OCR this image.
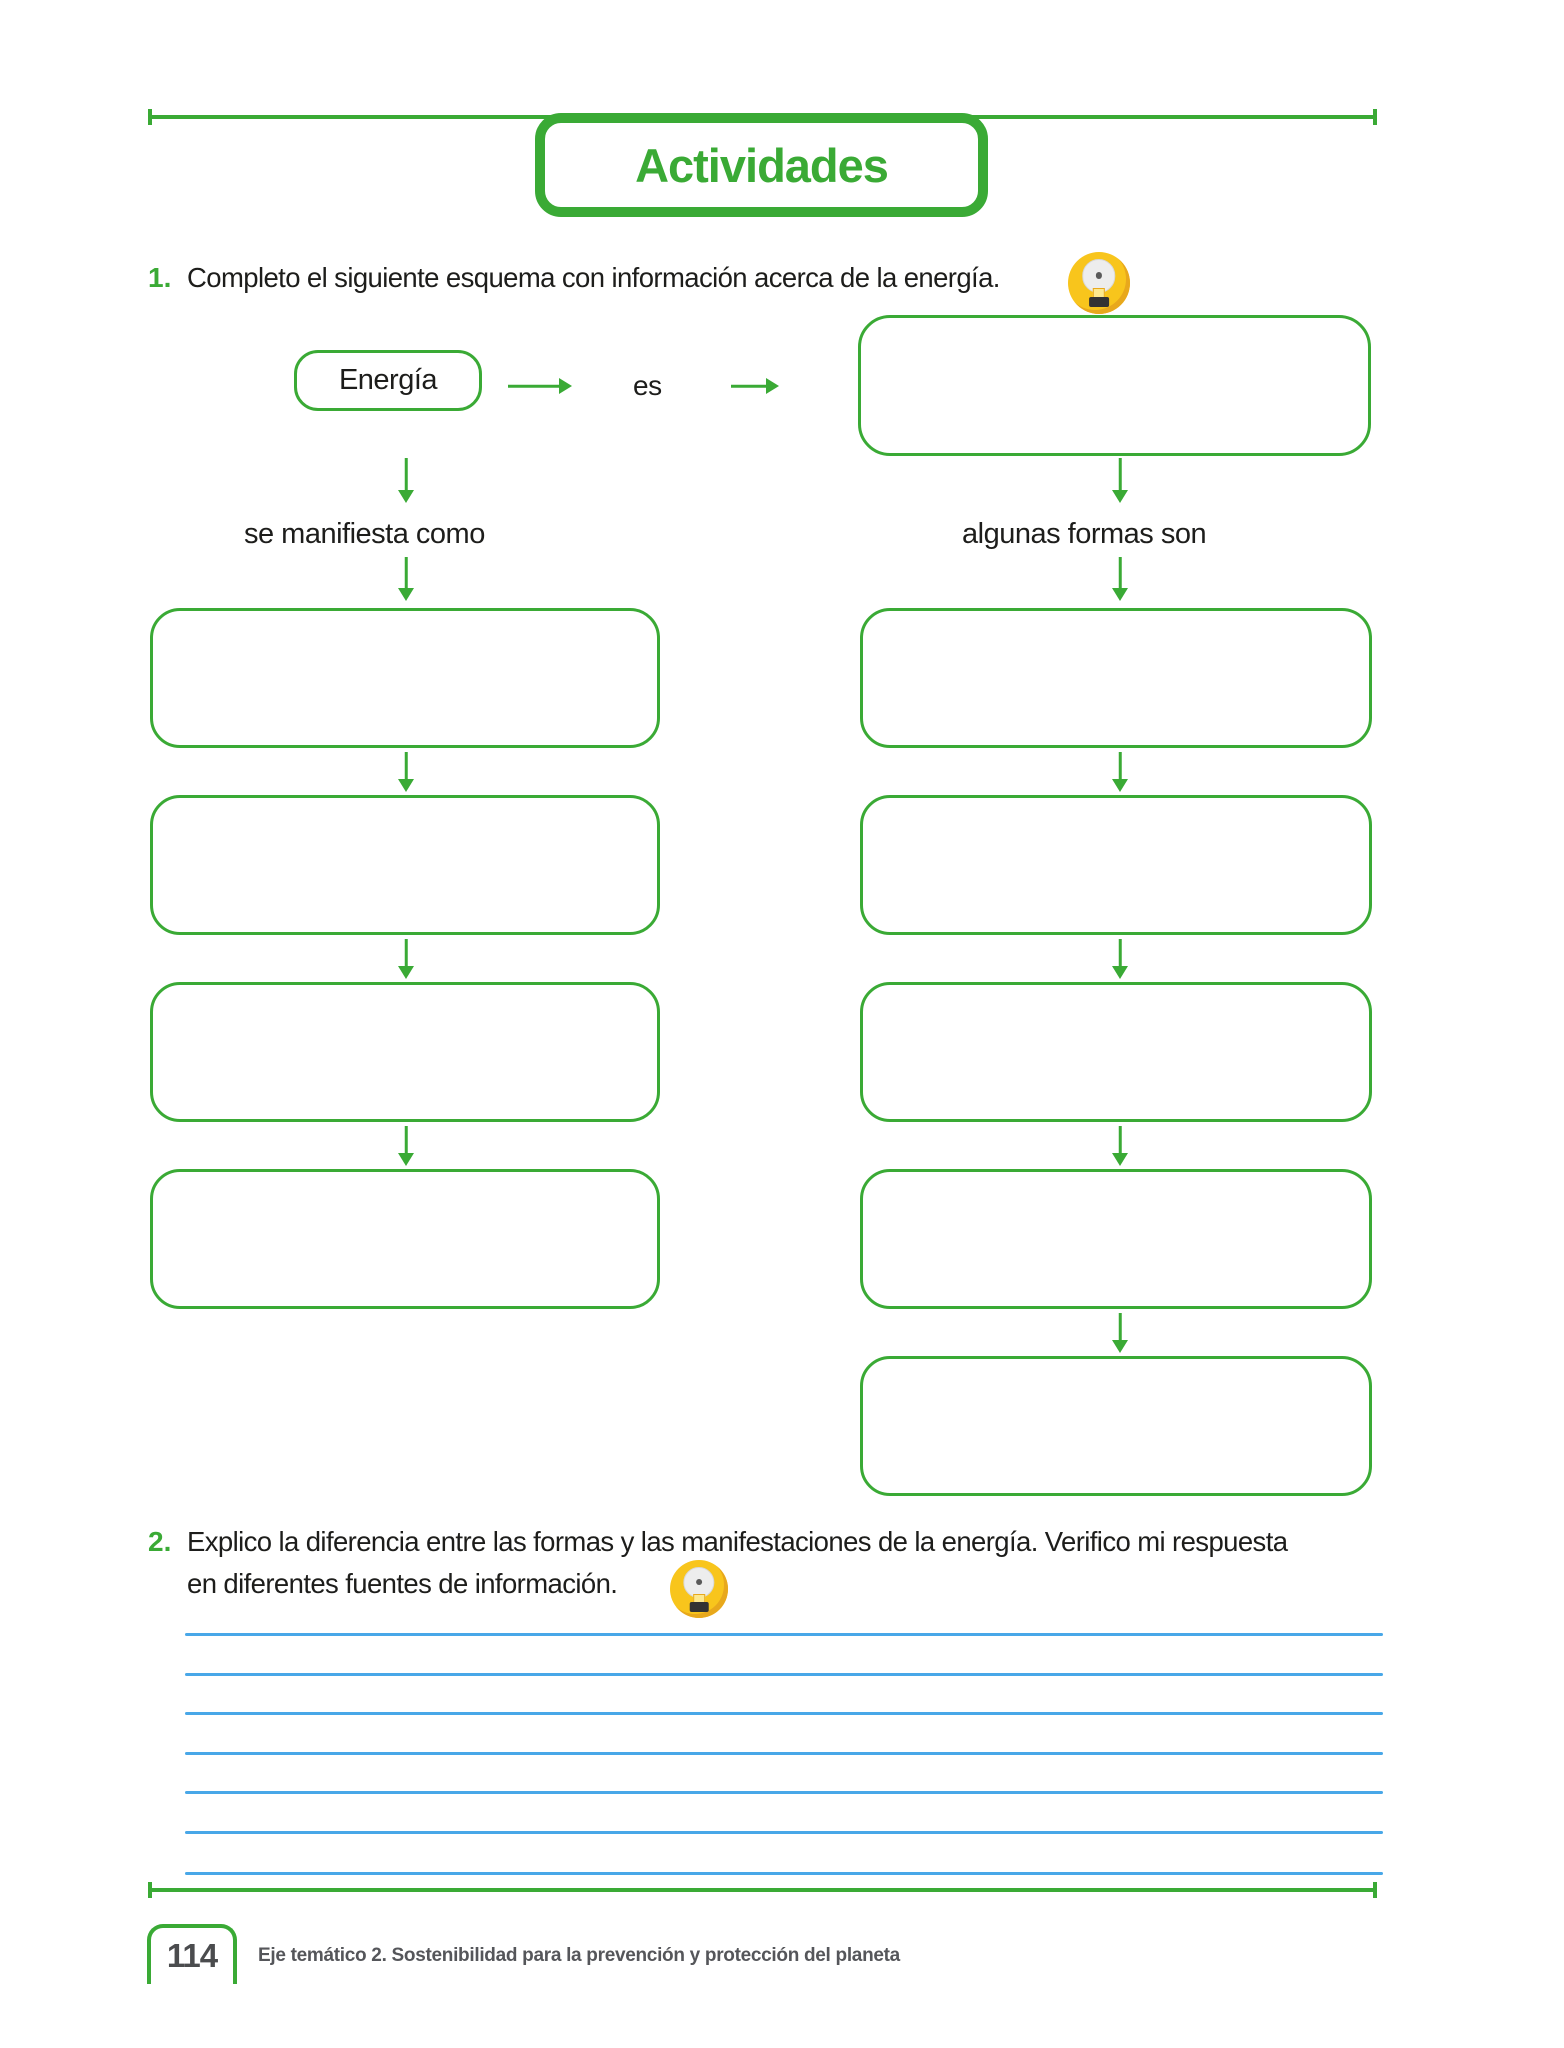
Actividades
1. Completo el siguiente esquema con información acerca de la energía.
Energía	es
se manifiesta como	algunas formas son
2. Explico la diferencia entre las formas y las manifestaciones de la energía. Verifico mi respuesta
en diferentes fuentes de información.
114 Eje temático 2. Sostenibilidad para la prevención y protección del planeta
